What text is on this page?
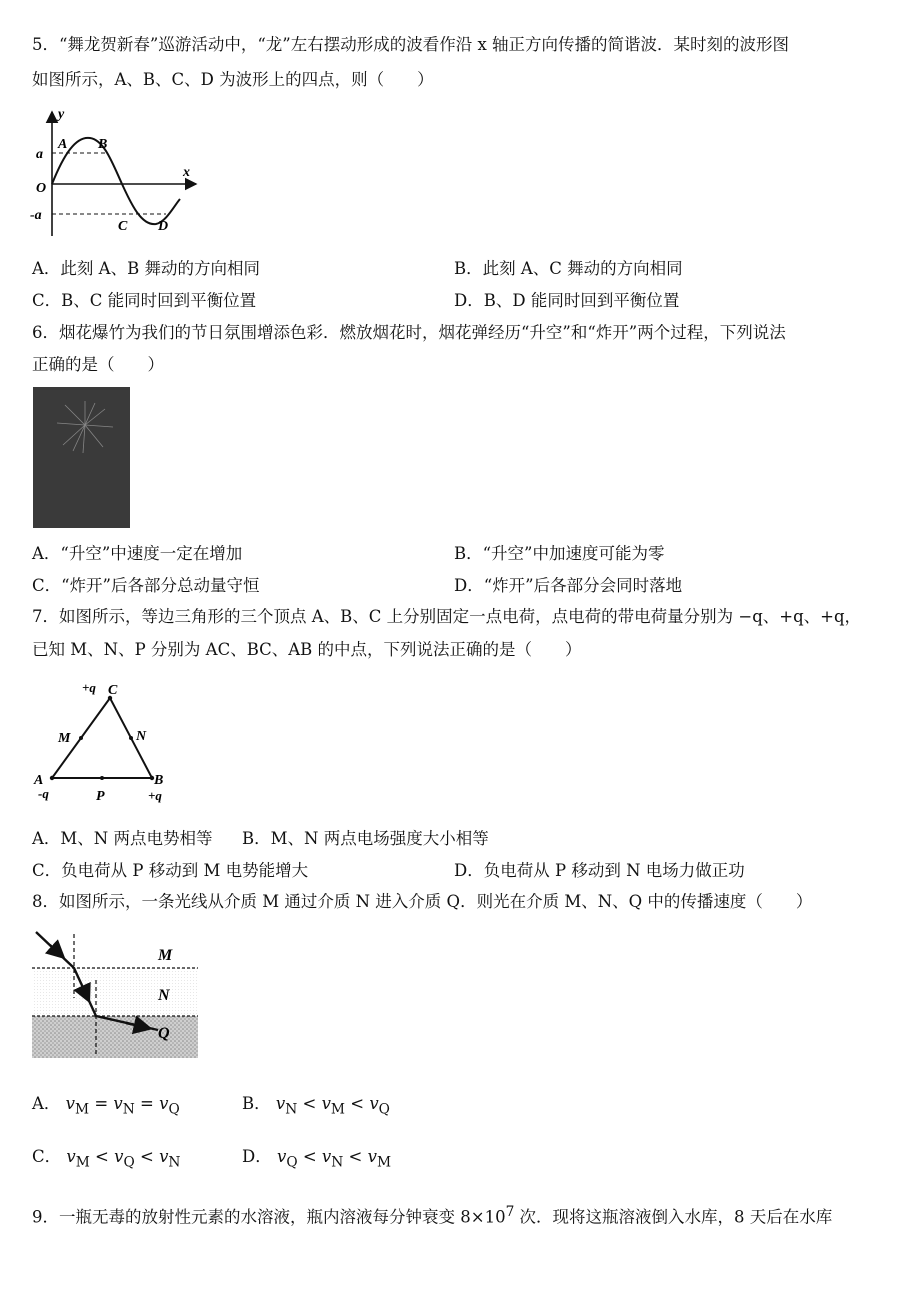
5．“舞龙贺新春”巡游活动中，“龙”左右摆动形成的波看作沿 x 轴正方向传播的简谐波．某时刻的波形图
如图所示，A、B、C、D 为波形上的四点，则（　　）
y
x
O
a
-a
A B
C D
A．此刻 A、B 舞动的方向相同	B．此刻 A、C 舞动的方向相同
C．B、C 能同时回到平衡位置	D．B、D 能同时回到平衡位置
6．烟花爆竹为我们的节日氛围增添色彩．燃放烟花时，烟花弹经历“升空”和“炸开”两个过程，下列说法
正确的是（　　）
A．“升空”中速度一定在增加	B．“升空”中加速度可能为零
C．“炸开”后各部分总动量守恒	D．“炸开”后各部分会同时落地
7．如图所示，等边三角形的三个顶点 A、B、C 上分别固定一点电荷，点电荷的带电荷量分别为 −q、+q、+q，
已知 M、N、P 分别为 AC、BC、AB 的中点，下列说法正确的是（　　）
+q C
M	N
A
-q	P
B
+q
A．M、N 两点电势相等 B．M、N 两点电场强度大小相等
C．负电荷从 P 移动到 M 电势能增大	D．负电荷从 P 移动到 N 电场力做正功
8．如图所示，一条光线从介质 M 通过介质 N 进入介质 Q．则光在介质 M、N、Q 中的传播速度（　　）
M
N
Q
A． $v_M = v_N = v_Q$	B． $v_N < v_M < v_Q$
C． $v_M < v_Q < v_N$	D． $v_Q < v_N < v_M$
9．一瓶无毒的放射性元素的水溶液，瓶内溶液每分钟衰变 $8\times 10^7$ 次．现将这瓶溶液倒入水库，8 天后在水库
